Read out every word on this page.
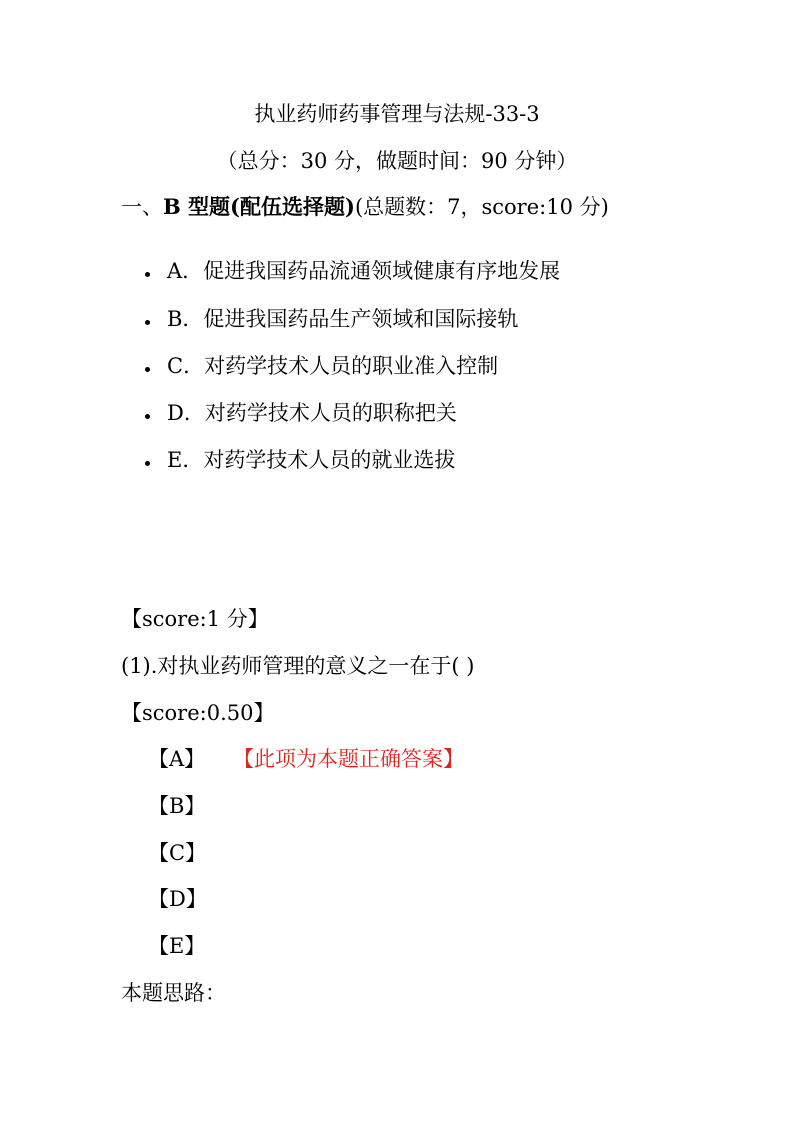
执业药师药事管理与法规-33-3
（总分：30 分，做题时间：90 分钟）
一、B 型题(配伍选择题)(总题数：7，score:10 分)
A．促进我国药品流通领域健康有序地发展
B．促进我国药品生产领域和国际接轨
C．对药学技术人员的职业准入控制
D．对药学技术人员的职称把关
E．对药学技术人员的就业选拔
【score:1 分】
(1).对执业药师管理的意义之一在于( )
【score:0.50】
【A】 【此项为本题正确答案】
【B】
【C】
【D】
【E】
本题思路：
